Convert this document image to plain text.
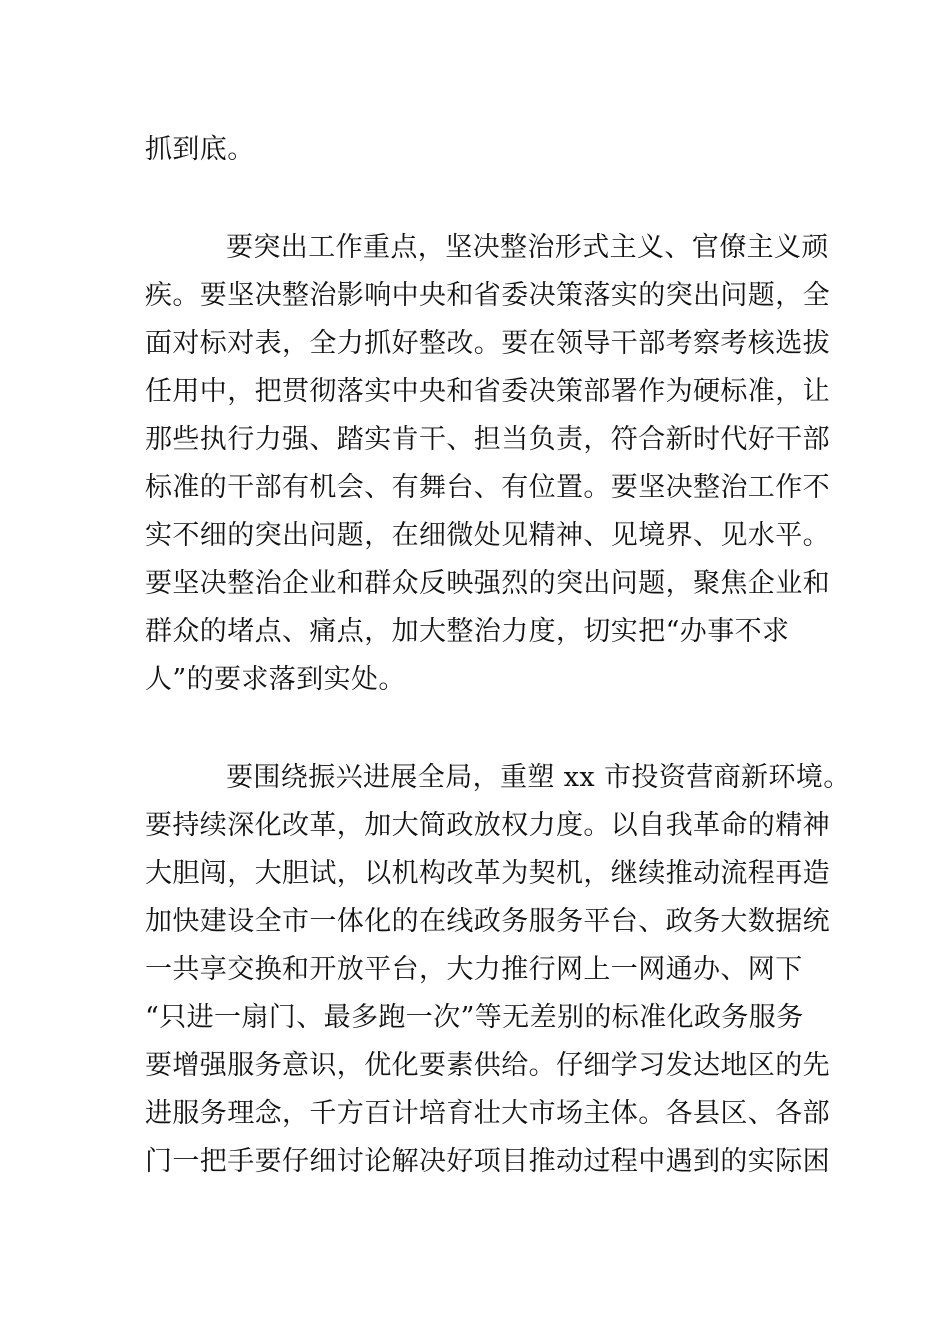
抓到底。
要突出工作重点，坚决整治形式主义、官僚主义顽
疾。要坚决整治影响中央和省委决策落实的突出问题，全
面对标对表，全力抓好整改。要在领导干部考察考核选拔
任用中，把贯彻落实中央和省委决策部署作为硬标准，让
那些执行力强、踏实肯干、担当负责，符合新时代好干部
标准的干部有机会、有舞台、有位置。要坚决整治工作不
实不细的突出问题，在细微处见精神、见境界、见水平。
要坚决整治企业和群众反映强烈的突出问题，聚焦企业和
群众的堵点、痛点，加大整治力度，切实把“办事不求
人”的要求落到实处。
要围绕振兴进展全局，重塑 xx 市投资营商新环境。
要持续深化改革，加大简政放权力度。以自我革命的精神
大胆闯，大胆试，以机构改革为契机，继续推动流程再造
加快建设全市一体化的在线政务服务平台、政务大数据统
一共享交换和开放平台，大力推行网上一网通办、网下
“只进一扇门、最多跑一次”等无差别的标准化政务服务
要增强服务意识，优化要素供给。仔细学习发达地区的先
进服务理念，千方百计培育壮大市场主体。各县区、各部
门一把手要仔细讨论解决好项目推动过程中遇到的实际困
